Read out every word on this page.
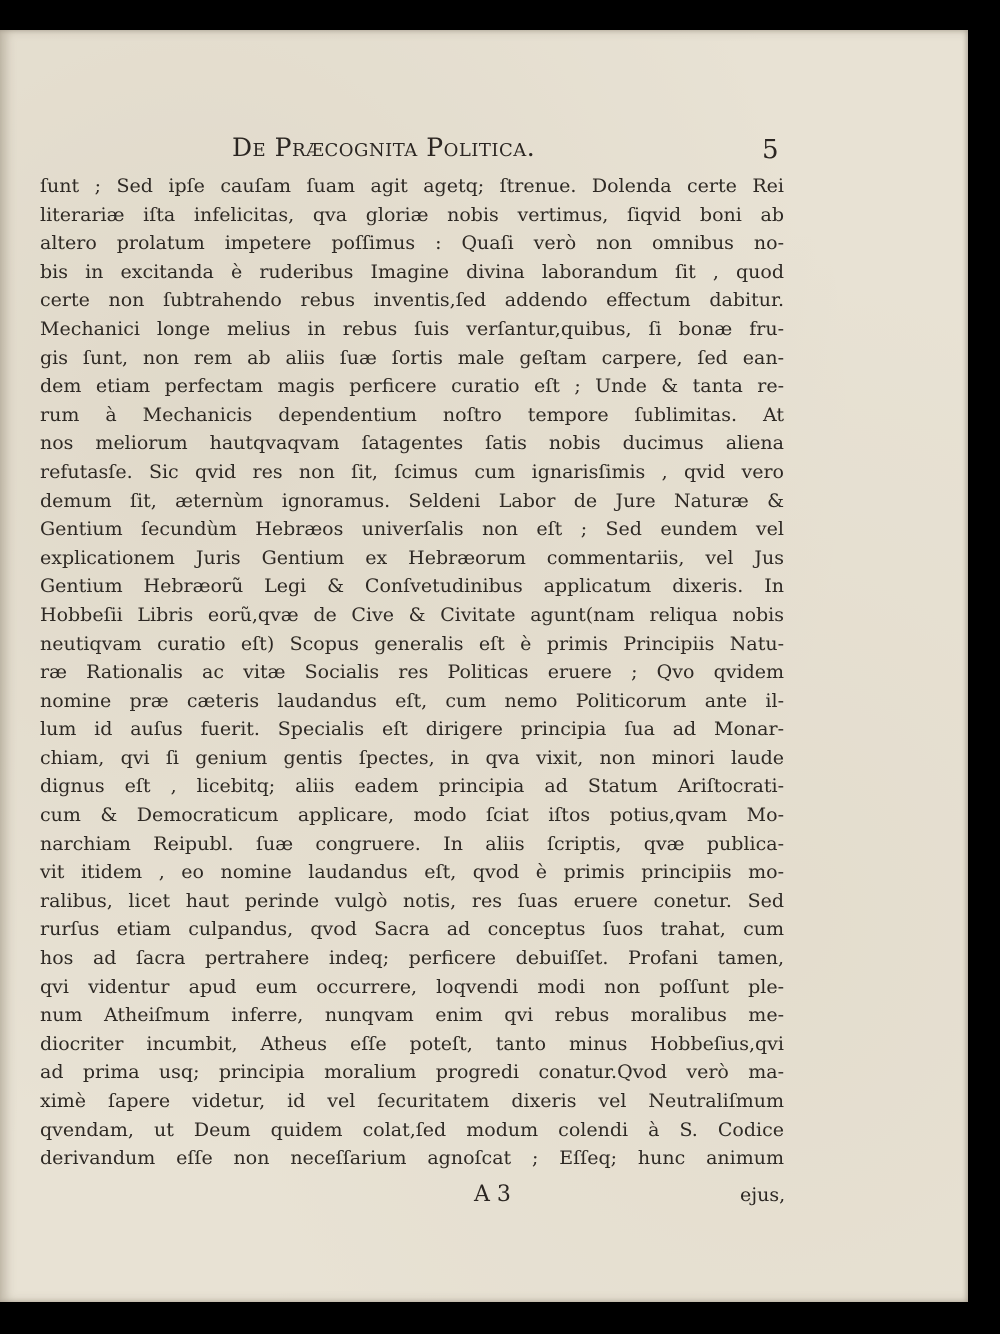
De Præcognita Politica.	5
ſunt ; Sed ipſe cauſam ſuam agit agetq; ſtrenue. Dolenda certe Rei
literariæ iſta infelicitas, qva gloriæ nobis vertimus, ſiqvid boni ab
altero prolatum impetere poſſimus : Quaſi verò non omnibus no-
bis in excitanda è ruderibus Imagine divina laborandum ſit , quod
certe non ſubtrahendo rebus inventis,ſed addendo effectum dabitur.
Mechanici longe melius in rebus ſuis verſantur,quibus, ſi bonæ fru-
gis ſunt, non rem ab aliis ſuæ ſortis male geſtam carpere, ſed ean-
dem etiam perfectam magis perficere curatio eſt ; Unde & tanta re-
rum à Mechanicis dependentium noſtro tempore ſublimitas. At
nos meliorum hautqvaqvam ſatagentes ſatis nobis ducimus aliena
refutasſe. Sic qvid res non ſit, ſcimus cum ignarisſimis , qvid vero
demum ſit, æternùm ignoramus. Seldeni Labor de Jure Naturæ &
Gentium ſecundùm Hebræos univerſalis non eſt ; Sed eundem vel
explicationem Juris Gentium ex Hebræorum commentariis, vel Jus
Gentium Hebræorũ Legi & Conſvetudinibus applicatum dixeris. In
Hobbeſii Libris eorũ,qvæ de Cive & Civitate agunt(nam reliqua nobis
neutiqvam curatio eſt) Scopus generalis eſt è primis Principiis Natu-
ræ Rationalis ac vitæ Socialis res Politicas eruere ; Qvo qvidem
nomine præ cæteris laudandus eſt, cum nemo Politicorum ante il-
lum id auſus fuerit. Specialis eſt dirigere principia ſua ad Monar-
chiam, qvi ſi genium gentis ſpectes, in qva vixit, non minori laude
dignus eſt , licebitq; aliis eadem principia ad Statum Ariſtocrati-
cum & Democraticum applicare, modo ſciat iſtos potius,qvam Mo-
narchiam Reipubl. ſuæ congruere. In aliis ſcriptis, qvæ publica-
vit itidem , eo nomine laudandus eſt, qvod è primis principiis mo-
ralibus, licet haut perinde vulgò notis, res ſuas eruere conetur. Sed
rurſus etiam culpandus, qvod Sacra ad conceptus ſuos trahat, cum
hos ad ſacra pertrahere indeq; perficere debuiſſet. Profani tamen,
qvi videntur apud eum occurrere, loqvendi modi non poſſunt ple-
num Atheiſmum inferre, nunqvam enim qvi rebus moralibus me-
diocriter incumbit, Atheus eſſe poteſt, tanto minus Hobbeſius,qvi
ad prima usq; principia moralium progredi conatur.Qvod verò ma-
ximè ſapere videtur, id vel ſecuritatem dixeris vel Neutraliſmum
qvendam, ut Deum quidem colat,ſed modum colendi à S. Codice
derivandum eſſe non neceſſarium agnoſcat ; Eſſeq; hunc animum
A 3	ejus,
